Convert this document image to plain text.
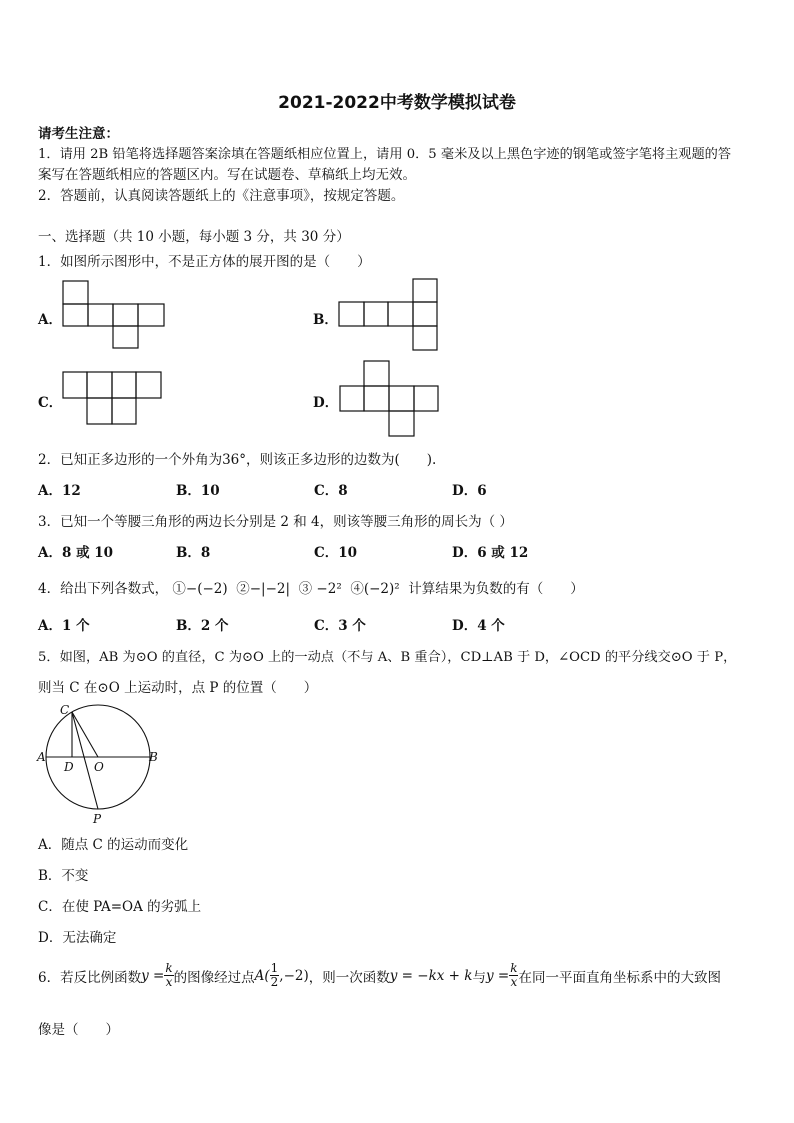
2021-2022中考数学模拟试卷
请考生注意：
1．请用 2B 铅笔将选择题答案涂填在答题纸相应位置上，请用 0．5 毫米及以上黑色字迹的钢笔或签字笔将主观题的答
案写在答题纸相应的答题区内。写在试题卷、草稿纸上均无效。
2．答题前，认真阅读答题纸上的《注意事项》，按规定答题。
一、选择题（共 10 小题，每小题 3 分，共 30 分）
1．如图所示图形中，不是正方体的展开图的是（　　）
A．	B．
C．	D．
2．已知正多边形的一个外角为36°，则该正多边形的边数为(　　).
A．12	B．10	C．8	D．6
3．已知一个等腰三角形的两边长分别是 2 和 4，则该等腰三角形的周长为（ ）
A．8 或 10	B．8	C．10	D．6 或 12
4．给出下列各数式， ①−(−2) ②−|−2| ③ −2² ④(−2)² 计算结果为负数的有（　　）
A．1 个	B．2 个	C．3 个	D．4 个
5．如图，AB 为⊙O 的直径，C 为⊙O 上的一动点（不与 A、B 重合），CD⊥AB 于 D，∠OCD 的平分线交⊙O 于 P，
则当 C 在⊙O 上运动时，点 P 的位置（　　）
C
A
D O
B
P
A．随点 C 的运动而变化
B．不变
C．在使 PA=OA 的劣弧上
D．无法确定
6．若反比例函数 $y = \frac{k}{x}$ 的图像经过点 $A( \frac{1}{2} ,-2)$ ，则一次函数 y = −kx + k 与 $y = \frac{k}{x}$ 在同一平面直角坐标系中的大致图
像是（　　）
